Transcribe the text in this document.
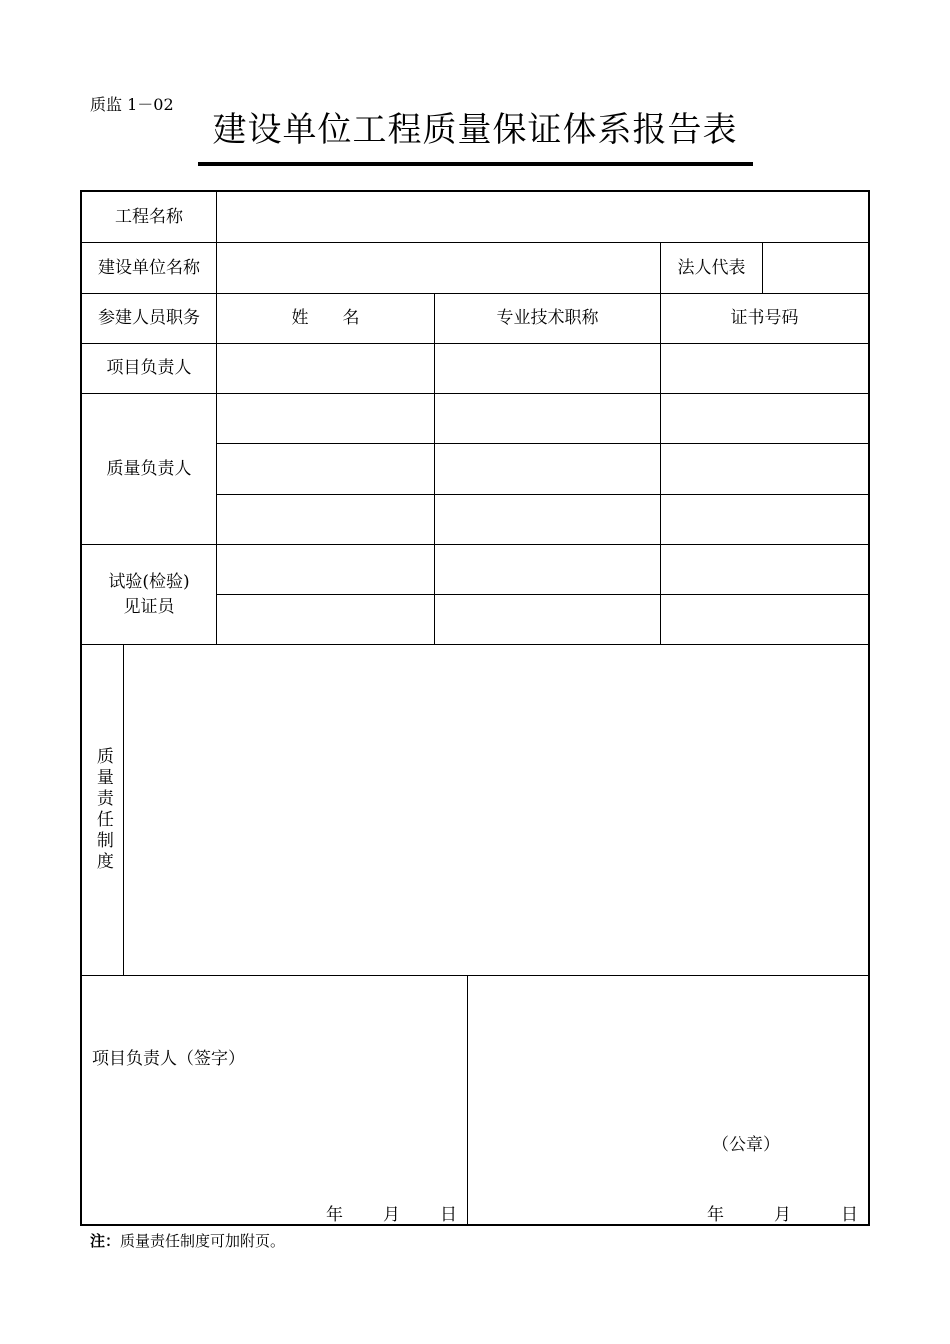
质监 1－02
建设单位工程质量保证体系报告表
工程名称
建设单位名称	法人代表
参建人员职务	姓　　名	专业技术职称	证书号码
项目负责人
质量负责人
试验(检验)
见证员
质量责任制度
项目负责人（签字）
年 月 日
（公章）
年	月	日
注：质量责任制度可加附页。
